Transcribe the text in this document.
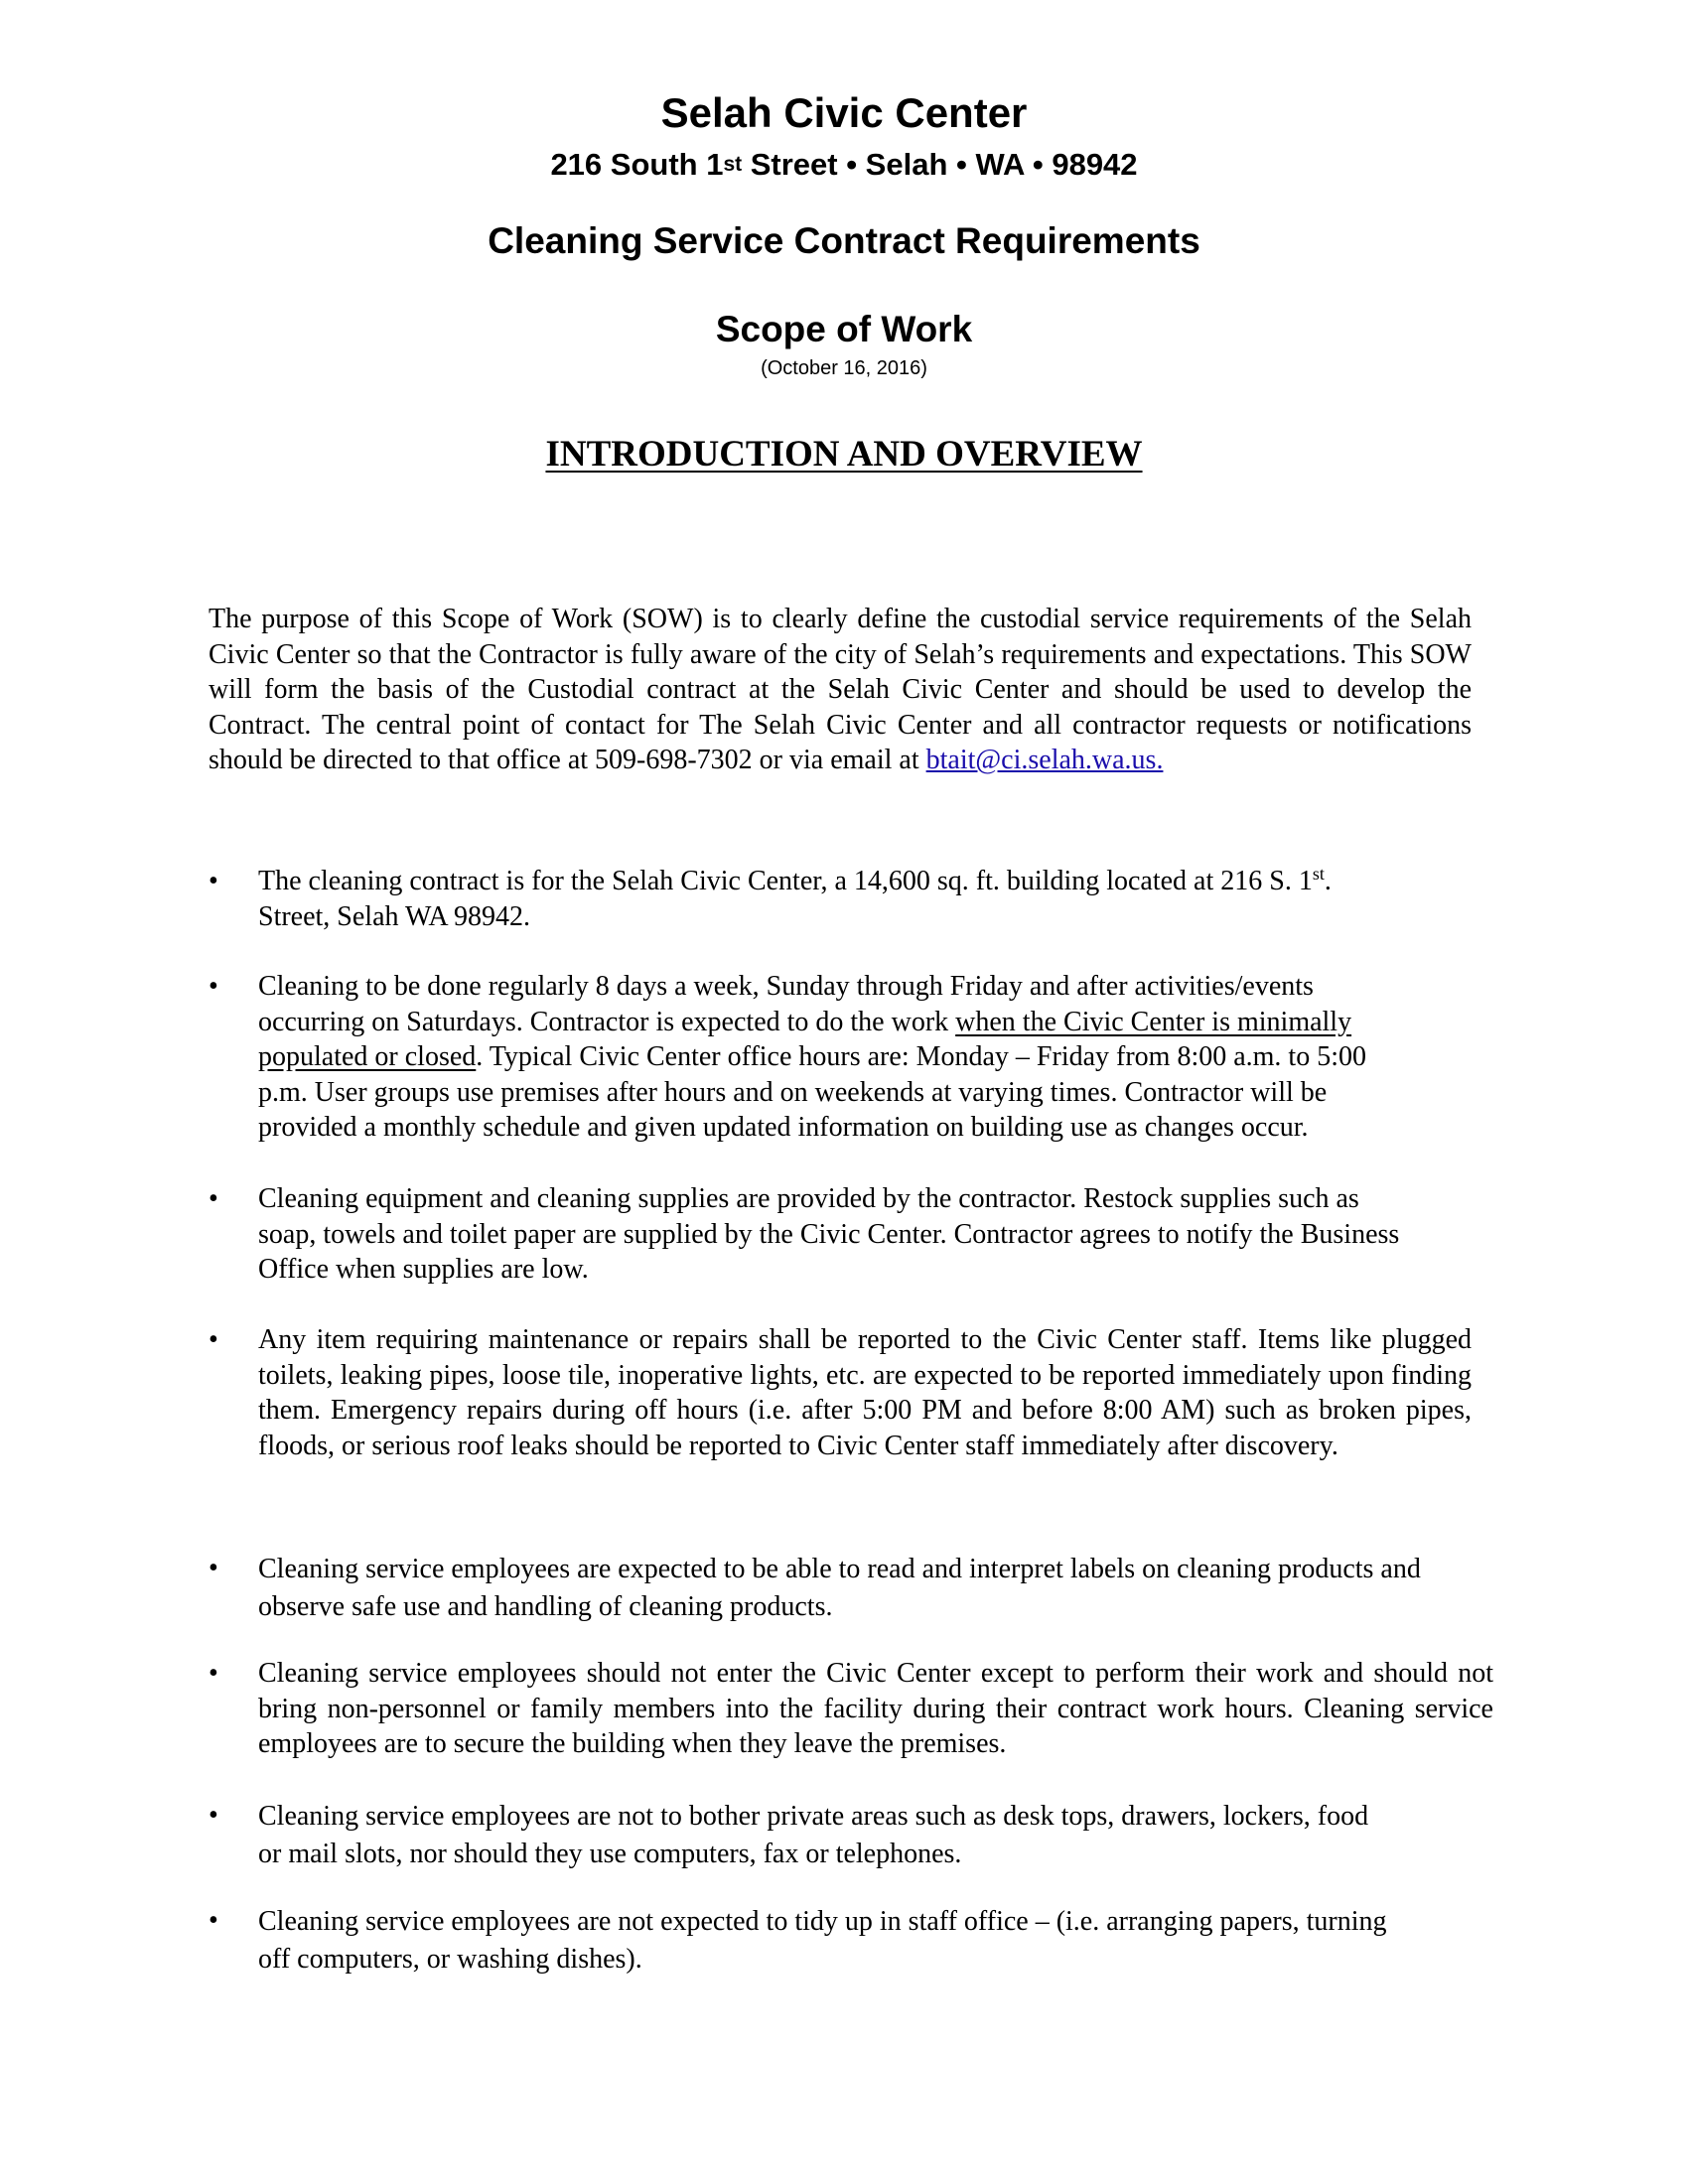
Selah Civic Center
216 South 1st Street • Selah • WA • 98942
Cleaning Service Contract Requirements
Scope of Work
(October 16, 2016)
INTRODUCTION AND OVERVIEW
The purpose of this Scope of Work (SOW) is to clearly define the custodial service requirements of the Selah Civic Center so that the Contractor is fully aware of the city of Selah’s requirements and expectations. This SOW will form the basis of the Custodial contract at the Selah Civic Center and should be used to develop the Contract. The central point of contact for The Selah Civic Center and all contractor requests or notifications should be directed to that office at 509-698-7302 or via email at btait@ci.selah.wa.us.
•	The cleaning contract is for the Selah Civic Center, a 14,600 sq. ft. building located at 216 S. 1st.
Street, Selah WA 98942.
•	Cleaning to be done regularly 8 days a week, Sunday through Friday and after activities/events
occurring on Saturdays. Contractor is expected to do the work when the Civic Center is minimally
populated or closed. Typical Civic Center office hours are: Monday – Friday from 8:00 a.m. to 5:00
p.m. User groups use premises after hours and on weekends at varying times. Contractor will be
provided a monthly schedule and given updated information on building use as changes occur.
•	Cleaning equipment and cleaning supplies are provided by the contractor. Restock supplies such as
soap, towels and toilet paper are supplied by the Civic Center. Contractor agrees to notify the Business
Office when supplies are low.
•	Any item requiring maintenance or repairs shall be reported to the Civic Center staff. Items like plugged toilets, leaking pipes, loose tile, inoperative lights, etc. are expected to be reported immediately upon finding them. Emergency repairs during off hours (i.e. after 5:00 PM and before 8:00 AM) such as broken pipes, floods, or serious roof leaks should be reported to Civic Center staff immediately after discovery.
•	Cleaning service employees are expected to be able to read and interpret labels on cleaning products and
observe safe use and handling of cleaning products.
•	Cleaning service employees should not enter the Civic Center except to perform their work and should not bring non-personnel or family members into the facility during their contract work hours. Cleaning service employees are to secure the building when they leave the premises.
•	Cleaning service employees are not to bother private areas such as desk tops, drawers, lockers, food
or mail slots, nor should they use computers, fax or telephones.
•	Cleaning service employees are not expected to tidy up in staff office – (i.e. arranging papers, turning
off computers, or washing dishes).
